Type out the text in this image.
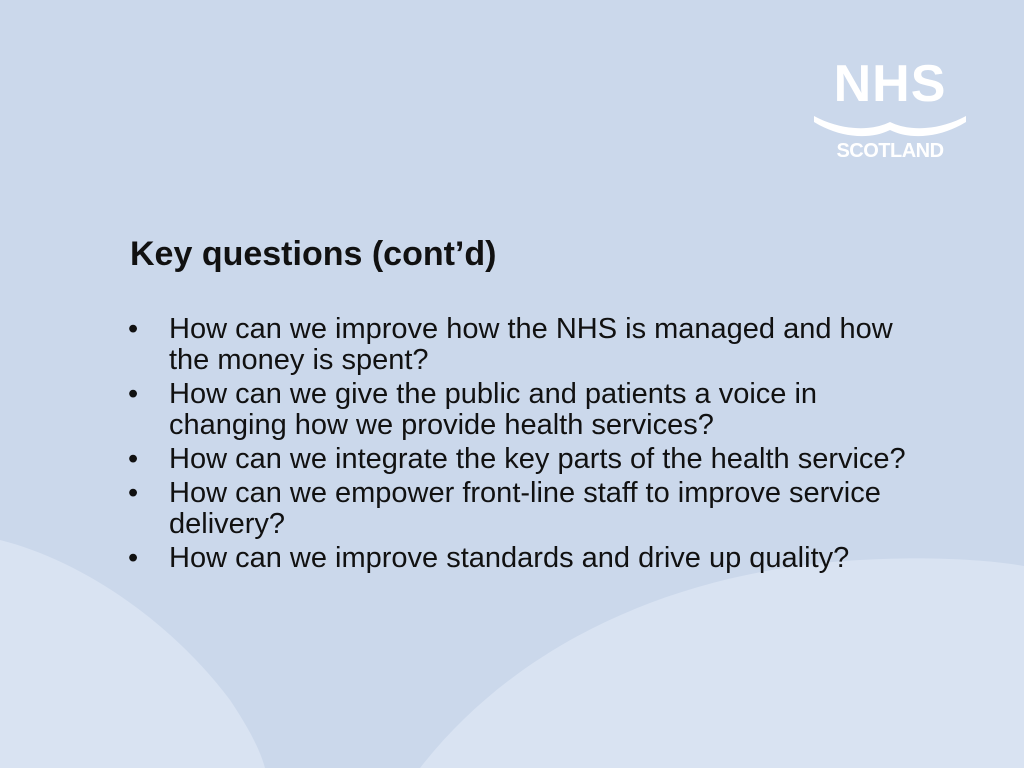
NHS
SCOTLAND
Key questions (cont’d)
•	How can we improve how the NHS is managed and how the money is spent?
•	How can we give the public and patients a voice in changing how we provide health services?
•	How can we integrate the key parts of the health service?
•	How can we empower front-line staff to improve service delivery?
•	How can we improve standards and drive up quality?
